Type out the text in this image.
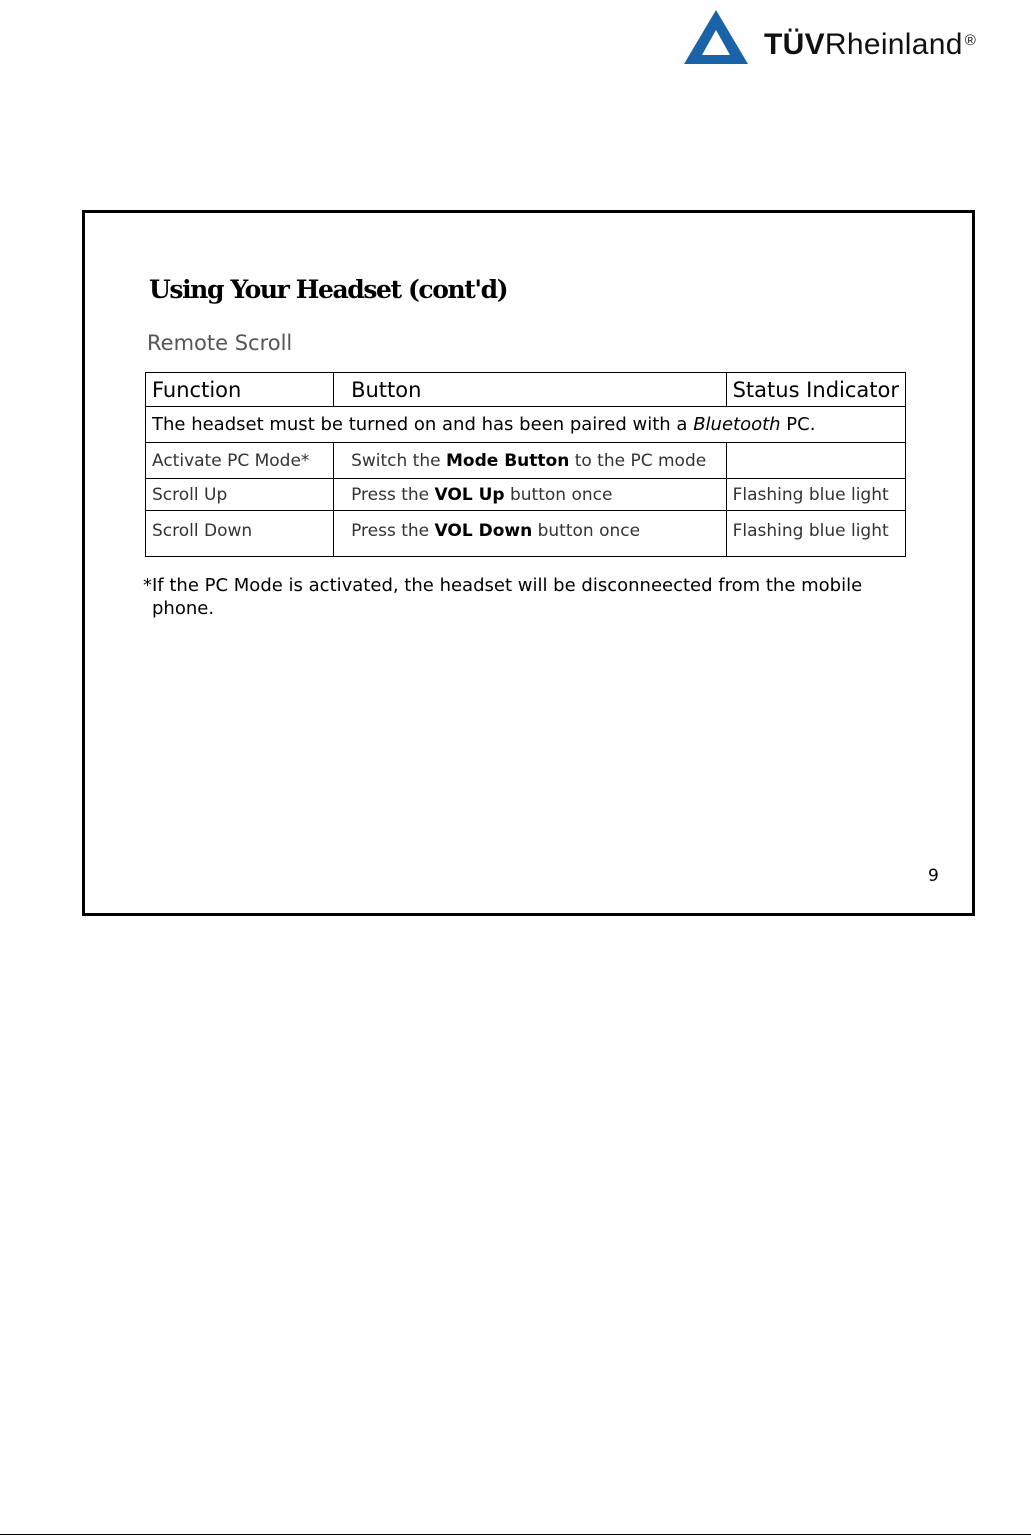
TÜVRheinland ®
Using Your Headset (cont'd)
Remote Scroll
Function	Button	Status Indicator
The headset must be turned on and has been paired with a Bluetooth PC.		
Activate PC Mode*	Switch the Mode Button to the PC mode	
Scroll Up	Press the VOL Up button once	Flashing blue light
Scroll Down	Press the VOL Down button once	Flashing blue light
*If the PC Mode is activated, the headset will be disconneected from the mobile
phone.
9
